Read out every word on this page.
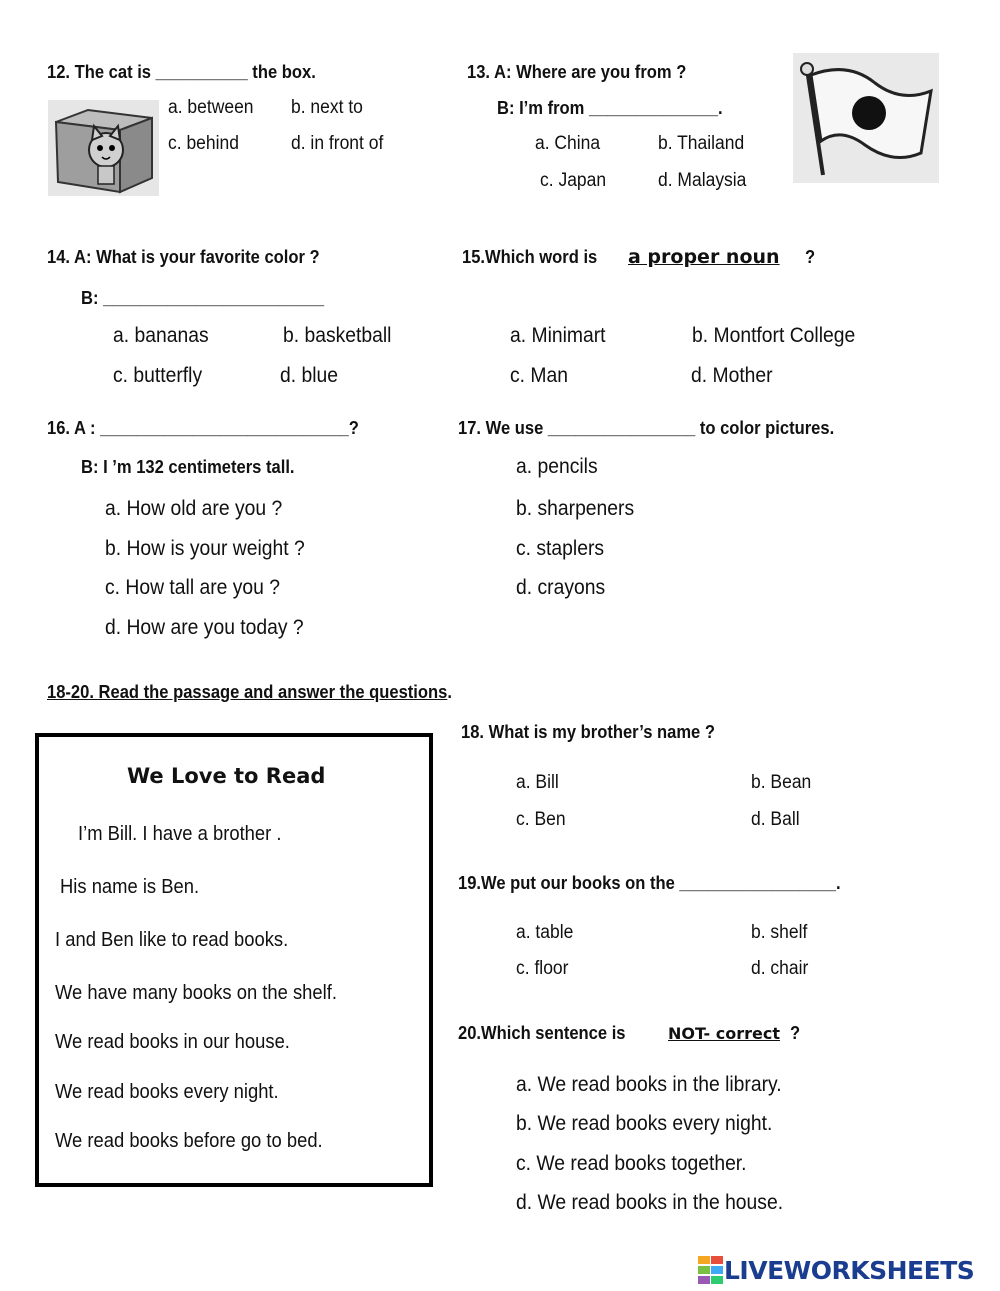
12. The cat is __________ the box.
a. between b. next to
c. behind	d. in front of
13. A: Where are you from ?
B: I’m from ______________.
a. China	b. Thailand
c. Japan	d. Malaysia
14. A: What is your favorite color ?
B: ________________________
a. bananas	b. basketball
c. butterfly	d. blue
15.Which word is a proper noun ?
a. Minimart	b. Montfort College
c. Man	d. Mother
16. A : ___________________________?
B: I ’m 132 centimeters tall.
a. How old are you ?
b. How is your weight ?
c. How tall are you ?
d. How are you today ?
17. We use ________________ to color pictures.
a. pencils
b. sharpeners
c. staplers
d. crayons
18-20. Read the passage and answer the questions.
We Love to Read
I’m Bill. I have a brother .
His name is Ben.
I and Ben like to read books.
We have many books on the shelf.
We read books in our house.
We read books every night.
We read books before go to bed.
18. What is my brother’s name ?
a. Bill	b. Bean
c. Ben	d. Ball
19.We put our books on the _________________.
a. table	b. shelf
c. floor	d. chair
20.Which sentence is	NOT- correct ?
a. We read books in the library.
b. We read books every night.
c. We read books together.
d. We read books in the house.
LIVEWORKSHEETS
